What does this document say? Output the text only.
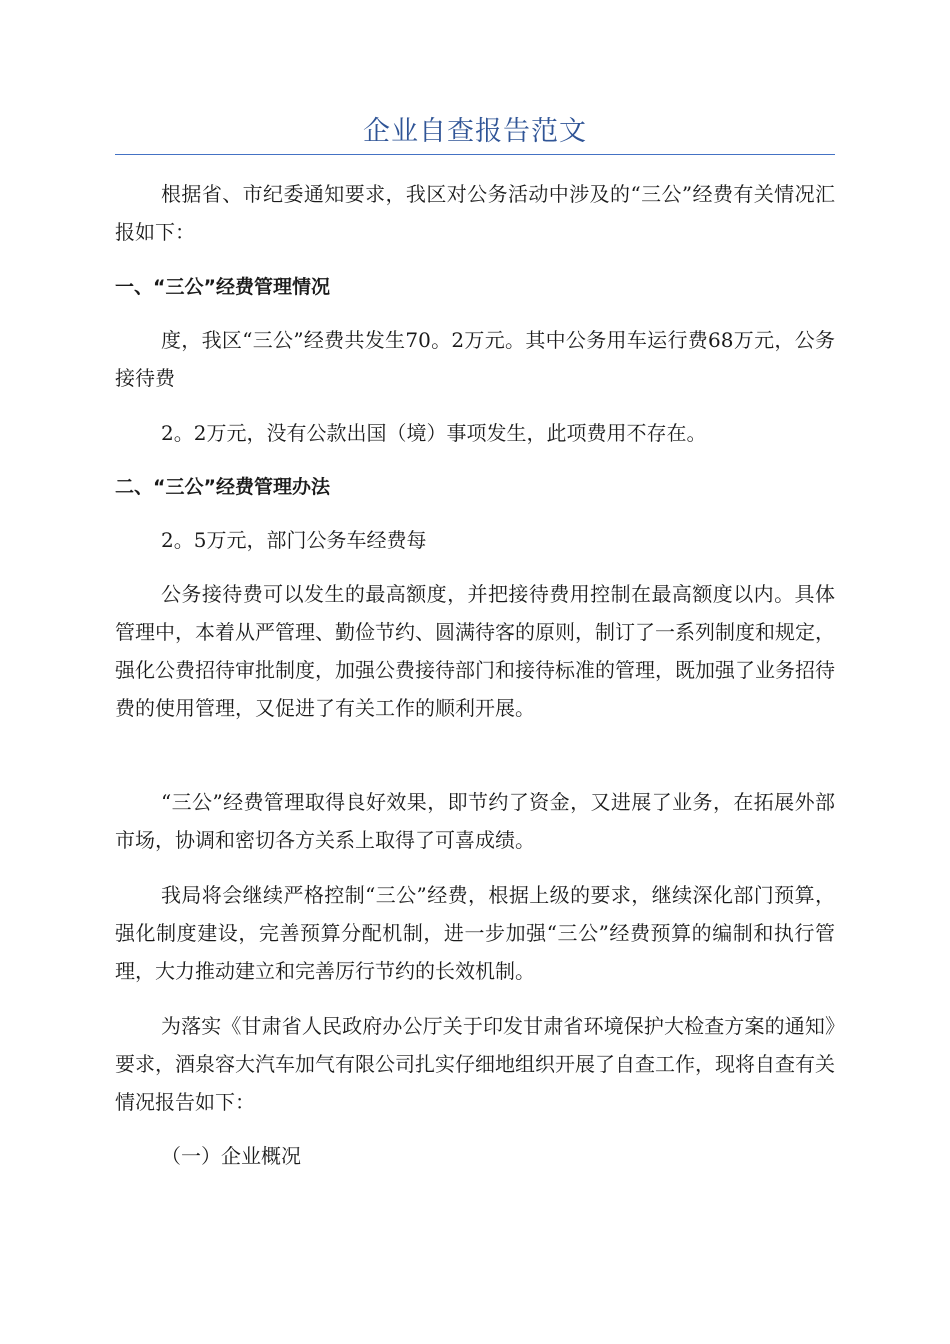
企业自查报告范文

根据省、市纪委通知要求，我区对公务活动中涉及的“三公”经费有关情况汇报如下：

一、“三公”经费管理情况

度，我区“三公”经费共发生70。2万元。其中公务用车运行费68万元，公务接待费

2。2万元，没有公款出国（境）事项发生，此项费用不存在。

二、“三公”经费管理办法

2。5万元，部门公务车经费每

公务接待费可以发生的最高额度，并把接待费用控制在最高额度以内。具体管理中，本着从严管理、勤俭节约、圆满待客的原则，制订了一系列制度和规定，强化公费招待审批制度，加强公费接待部门和接待标准的管理，既加强了业务招待费的使用管理，又促进了有关工作的顺利开展。

“三公”经费管理取得良好效果，即节约了资金，又进展了业务，在拓展外部市场，协调和密切各方关系上取得了可喜成绩。

我局将会继续严格控制“三公”经费，根据上级的要求，继续深化部门预算，强化制度建设，完善预算分配机制，进一步加强“三公”经费预算的编制和执行管理，大力推动建立和完善厉行节约的长效机制。

为落实《甘肃省人民政府办公厅关于印发甘肃省环境保护大检查方案的通知》要求，酒泉容大汽车加气有限公司扎实仔细地组织开展了自查工作，现将自查有关情况报告如下：

（一）企业概况
